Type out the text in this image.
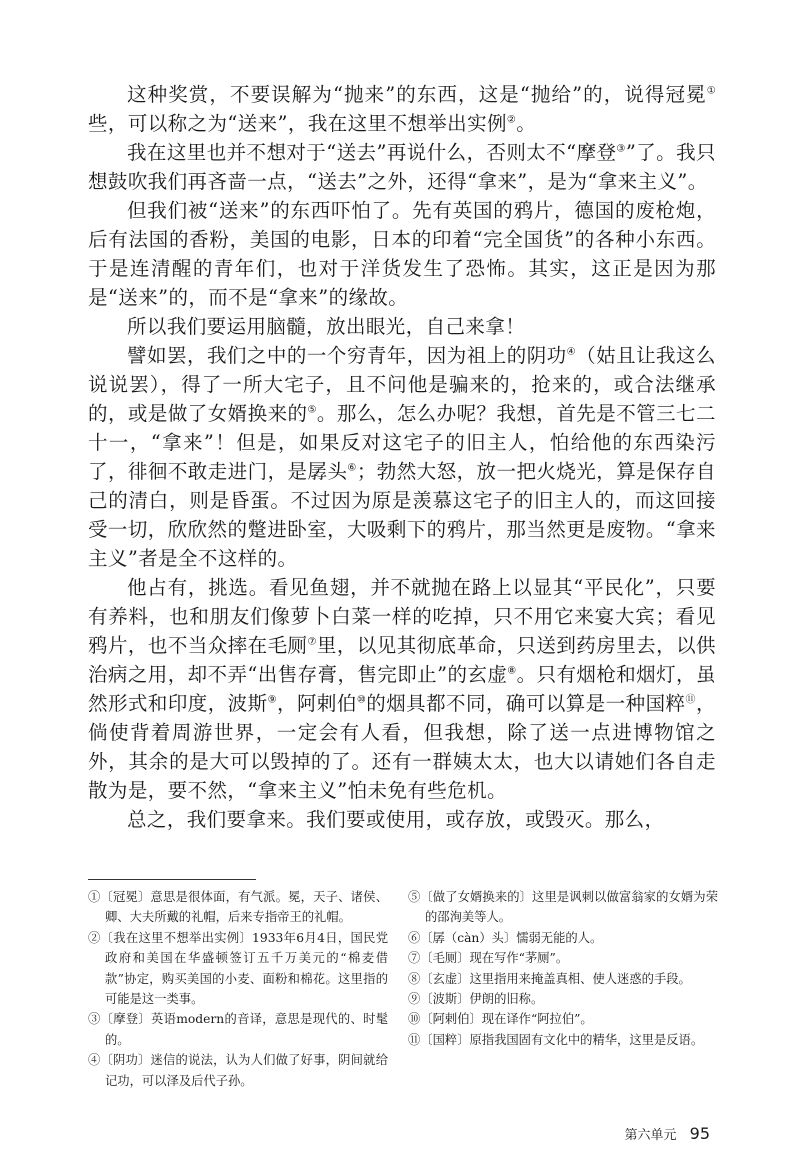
这种奖赏，不要误解为“抛来”的东西，这是“抛给”的，说得冠冕①些，可以称之为“送来”，我在这里不想举出实例②。

我在这里也并不想对于“送去”再说什么，否则太不“摩登③”了。我只想鼓吹我们再吝啬一点，“送去”之外，还得“拿来”，是为“拿来主义”。

但我们被“送来”的东西吓怕了。先有英国的鸦片，德国的废枪炮，后有法国的香粉，美国的电影，日本的印着“完全国货”的各种小东西。于是连清醒的青年们，也对于洋货发生了恐怖。其实，这正是因为那是“送来”的，而不是“拿来”的缘故。

所以我们要运用脑髓，放出眼光，自己来拿！

譬如罢，我们之中的一个穷青年，因为祖上的阴功④（姑且让我这么说说罢），得了一所大宅子，且不问他是骗来的，抢来的，或合法继承的，或是做了女婿换来的⑤。那么，怎么办呢？我想，首先是不管三七二十一，“拿来”！但是，如果反对这宅子的旧主人，怕给他的东西染污了，徘徊不敢走进门，是孱头⑥；勃然大怒，放一把火烧光，算是保存自己的清白，则是昏蛋。不过因为原是羡慕这宅子的旧主人的，而这回接受一切，欣欣然的蹩进卧室，大吸剩下的鸦片，那当然更是废物。“拿来主义”者是全不这样的。

他占有，挑选。看见鱼翅，并不就抛在路上以显其“平民化”，只要有养料，也和朋友们像萝卜白菜一样的吃掉，只不用它来宴大宾；看见鸦片，也不当众摔在毛厕⑦里，以见其彻底革命，只送到药房里去，以供治病之用，却不弄“出售存膏，售完即止”的玄虚⑧。只有烟枪和烟灯，虽然形式和印度，波斯⑨，阿剌伯⑩的烟具都不同，确可以算是一种国粹⑪，倘使背着周游世界，一定会有人看，但我想，除了送一点进博物馆之外，其余的是大可以毁掉的了。还有一群姨太太，也大以请她们各自走散为是，要不然，“拿来主义”怕未免有些危机。

总之，我们要拿来。我们要或使用，或存放，或毁灭。那么，

①〔冠冕〕意思是很体面，有气派。冕，天子、诸侯、卿、大夫所戴的礼帽，后来专指帝王的礼帽。

②〔我在这里不想举出实例〕1933年6月4日，国民党政府和美国在华盛顿签订五千万美元的“棉麦借款”协定，购买美国的小麦、面粉和棉花。这里指的可能是这一类事。

③〔摩登〕英语modern的音译，意思是现代的、时髦的。

④〔阴功〕迷信的说法，认为人们做了好事，阴间就给记功，可以泽及后代子孙。

⑤〔做了女婿换来的〕这里是讽刺以做富翁家的女婿为荣的邵洵美等人。

⑥〔孱（càn）头〕懦弱无能的人。

⑦〔毛厕〕现在写作“茅厕”。

⑧〔玄虚〕这里指用来掩盖真相、使人迷惑的手段。

⑨〔波斯〕伊朗的旧称。

⑩〔阿剌伯〕现在译作“阿拉伯”。

⑪〔国粹〕原指我国固有文化中的精华，这里是反语。

第六单元 95
